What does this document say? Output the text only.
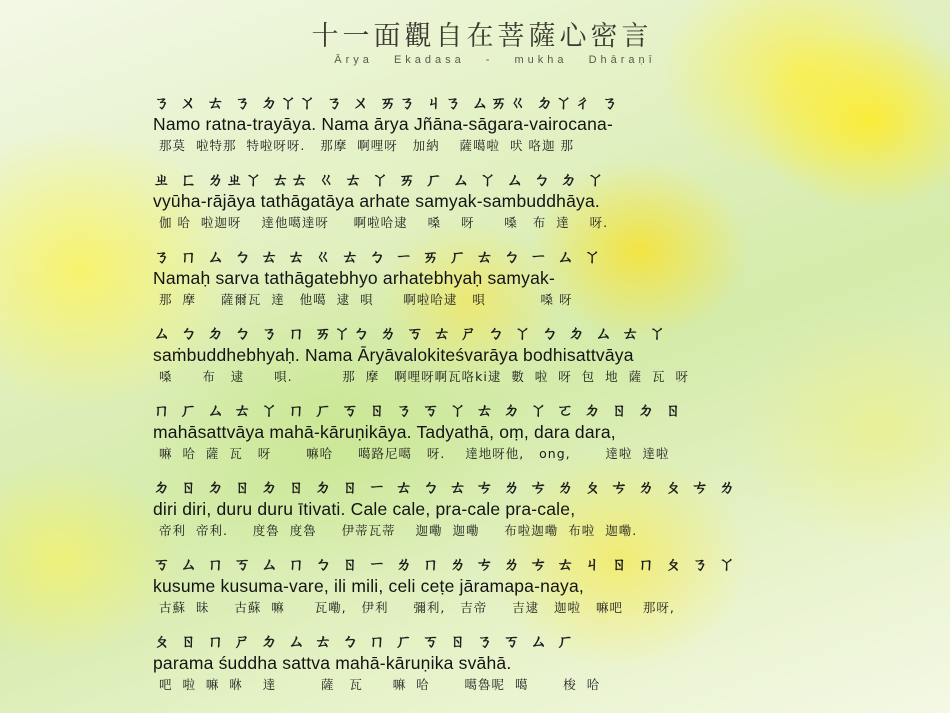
十一面觀自在菩薩心密言
Ārya Ekadasa - mukha Dhāraṇī
ㄋ ㄨ ㄊ ㄋ ㄉㄚㄚ ㄋ ㄨ ㄞㄋ ㄐㄋ ㄙㄞㄍ ㄉㄚㄔ ㄋ
Namo ratna-trayāya. Nama ārya Jñāna-sāgara-vairocana-
那莫  啦特那  特啦呀呀.   那摩  啊哩呀   加納    薩噶啦  吠 咯迦 那
ㄓ ㄈ ㄌㄓㄚ ㄊㄊ ㄍ ㄊ ㄚ ㄞ ㄏ ㄙ ㄚ ㄙ ㄅ ㄉ ㄚ
vyūha-rājāya tathāgatāya arhate samyak-sambuddhāya.
伽 哈  啦迦呀    達他噶達呀     啊啦哈逮    嗓    呀      嗓   布  達    呀.
ㄋ ㄇ ㄙ ㄅ ㄊ ㄊ ㄍ ㄊ ㄅ ㄧ ㄞ ㄏ ㄊ ㄅ ㄧ ㄙ ㄚ
Namaḥ sarva tathāgatebhyo arhatebhyaḥ samyak-
那  摩     薩爾瓦  達   他噶  逮  唄      啊啦哈逮   唄           嗓 呀
ㄙ ㄅ ㄉ ㄅ ㄋ ㄇ ㄞㄚㄅ ㄌ ㄎ ㄊ ㄕ ㄅ ㄚ ㄅ ㄉ ㄙ ㄊ ㄚ
saṁbuddhebhyaḥ. Nama Āryāvalokiteśvarāya bodhisattvāya
嗓      布   逮      唄.          那  摩   啊哩呀啊瓦咯ki逮  數  啦  呀  包  地  薩  瓦  呀
ㄇ ㄏ ㄙ ㄊ ㄚ ㄇ ㄏ ㄎ ㄖ ㄋ ㄎ ㄚ ㄊ ㄉ ㄚ ㄛ ㄉ ㄖ ㄉ ㄖ
mahāsattvāya mahā-kāruṇikāya. Tadyathā, oṃ, dara dara,
嘛  哈  薩  瓦   呀       嘛哈     噶路尼噶   呀.    達地呀他,   ong,       達啦  達啦
ㄉ ㄖ ㄉ ㄖ ㄉ ㄖ ㄉ ㄖ ㄧ ㄊ ㄅ ㄊ ㄘ ㄌ ㄘ ㄌ ㄆ ㄘ ㄌ ㄆ ㄘ ㄌ
diri diri, duru duru ītivati. Cale cale, pra-cale pra-cale,
帝利  帝利.     度魯  度魯     伊蒂瓦蒂    迦嘞  迦嘞     布啦迦嘞  布啦  迦嘞.
ㄎ ㄙ ㄇ ㄎ ㄙ ㄇ ㄅ ㄖ ㄧ ㄌ ㄇ ㄌ ㄘ ㄌ ㄘ ㄊ ㄐ ㄖ ㄇ ㄆ ㄋ ㄚ
kusume kusuma-vare, ili mili, celi ceṭe jāramapa-naya,
古蘇  昧     古蘇  嘛      瓦嘞,   伊利     彌利,   吉帝     吉逮   迦啦   嘛吧    那呀,
ㄆ ㄖ ㄇ ㄕ ㄉ ㄙ ㄊ ㄅ ㄇ ㄏ ㄎ ㄖ ㄋ ㄎ ㄙ ㄏ
parama śuddha sattva mahā-kāruṇika svāhā.
吧  啦  嘛  咻    達         薩   瓦      嘛  哈       噶魯呢  噶       梭  哈
